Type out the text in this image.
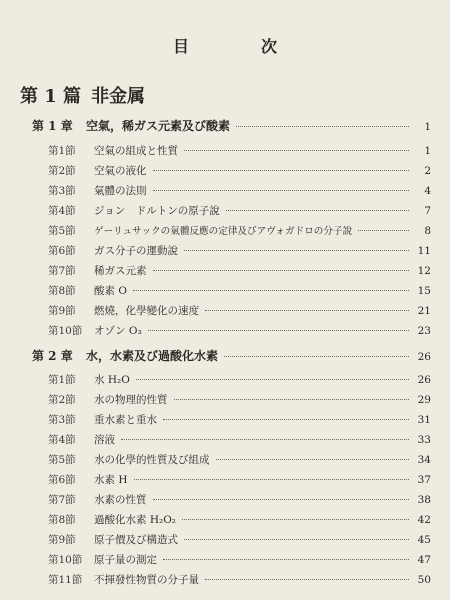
目　次
第 1 篇 非金属
第 1 章	空氣，稀ガス元素及び酸素	1
第1節	空氣の組成と性質	1
第2節	空氣の液化	2
第3節	氣體の法則	4
第4節	ジョン　ドルトンの原子說	7
第5節	ゲーリュサックの氣體反應の定律及びアヴォガドロの分子說	8
第6節	ガス分子の運動說	11
第7節	稀ガス元素	12
第8節	酸素 O	15
第9節	燃燒，化學變化の速度	21
第10節	オゾン O₃	23
第 2 章	水，水素及び過酸化水素	26
第1節	水 H₂O	26
第2節	水の物理的性質	29
第3節	重水素と重水	31
第4節	溶液	33
第5節	水の化學的性質及び組成	34
第6節	水素 H	37
第7節	水素の性質	38
第8節	過酸化水素 H₂O₂	42
第9節	原子價及び構造式	45
第10節	原子量の測定	47
第11節	不揮發性物質の分子量	50
